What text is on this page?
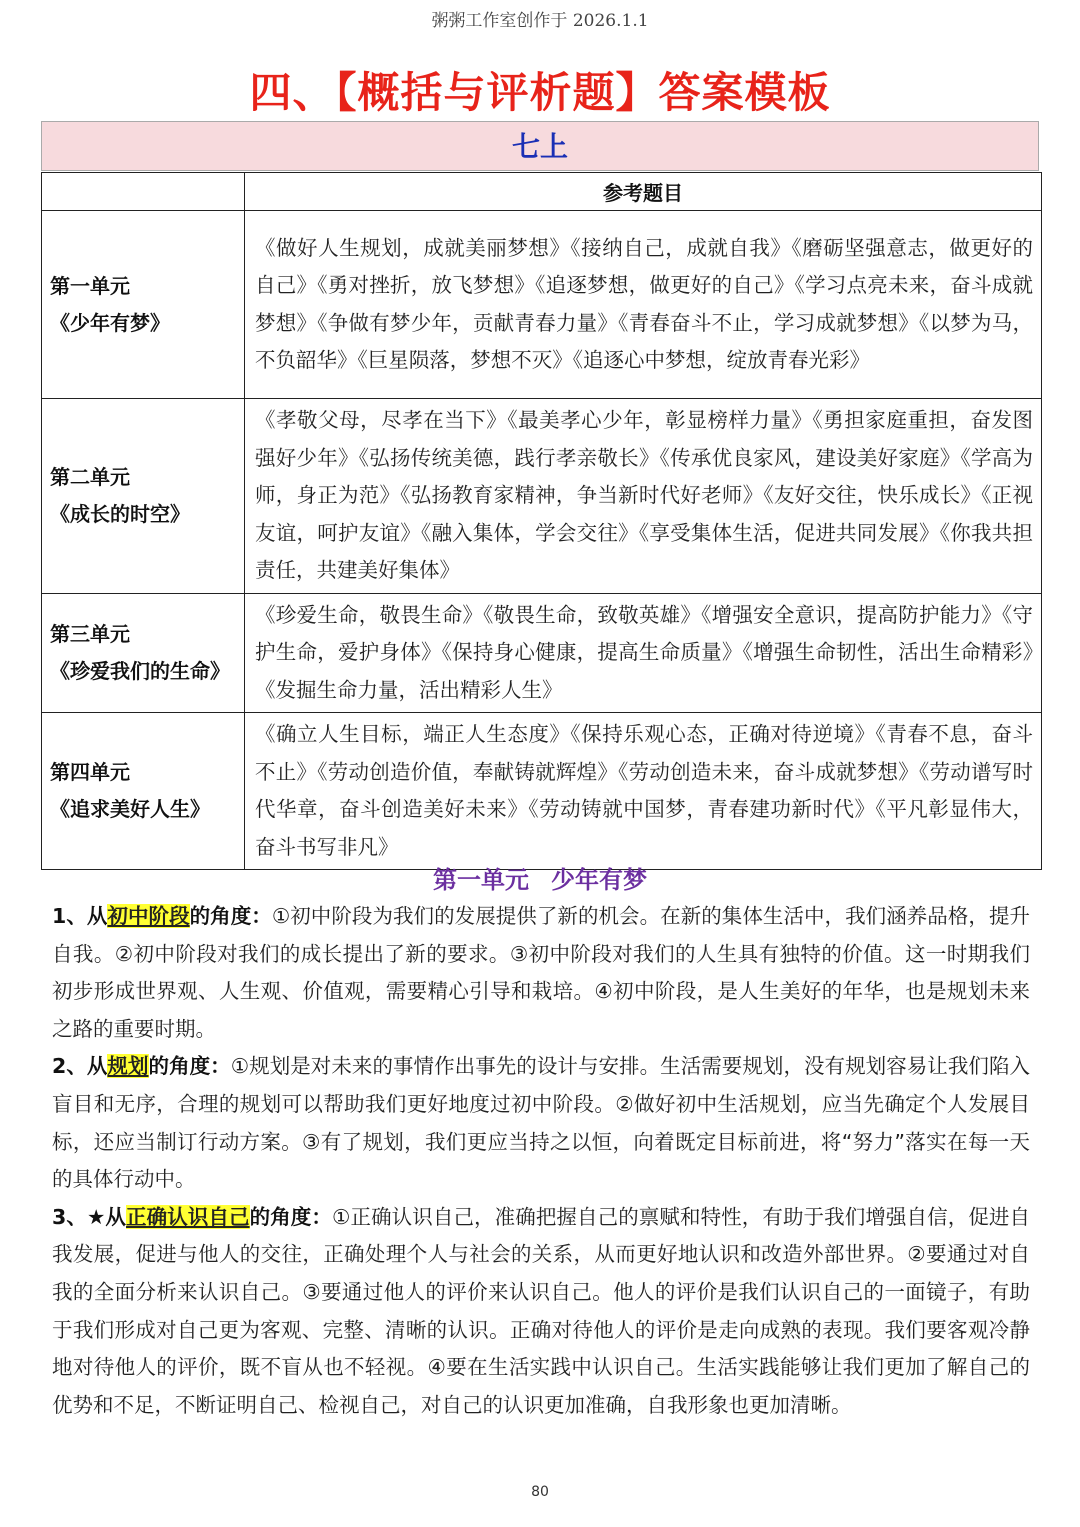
粥粥工作室创作于 2026.1.1
四、【概括与评析题】答案模板
七上
	参考题目

第一单元
《少年有梦》	《做好人生规划，成就美丽梦想》《接纳自己，成就自我》《磨砺坚强意志，做更好的自己》《勇对挫折，放飞梦想》《追逐梦想，做更好的自己》《学习点亮未来，奋斗成就梦想》《争做有梦少年，贡献青春力量》《青春奋斗不止，学习成就梦想》《以梦为马，不负韶华》《巨星陨落，梦想不灭》《追逐心中梦想，绽放青春光彩》

第二单元
《成长的时空》	《孝敬父母，尽孝在当下》《最美孝心少年，彰显榜样力量》《勇担家庭重担，奋发图强好少年》《弘扬传统美德，践行孝亲敬长》《传承优良家风，建设美好家庭》《学高为师，身正为范》《弘扬教育家精神，争当新时代好老师》《友好交往，快乐成长》《正视友谊，呵护友谊》《融入集体，学会交往》《享受集体生活，促进共同发展》《你我共担责任，共建美好集体》

第三单元
《珍爱我们的生命》	《珍爱生命，敬畏生命》《敬畏生命，致敬英雄》《增强安全意识，提高防护能力》《守护生命，爱护身体》《保持身心健康，提高生命质量》《增强生命韧性，活出生命精彩》《发掘生命力量，活出精彩人生》

第四单元
《追求美好人生》	《确立人生目标，端正人生态度》《保持乐观心态，正确对待逆境》《青春不息，奋斗不止》《劳动创造价值，奉献铸就辉煌》《劳动创造未来，奋斗成就梦想》《劳动谱写时代华章，奋斗创造美好未来》《劳动铸就中国梦，青春建功新时代》《平凡彰显伟大，奋斗书写非凡》
第一单元 少年有梦

1、从初中阶段的角度：①初中阶段为我们的发展提供了新的机会。在新的集体生活中，我们涵养品格，提升自我。②初中阶段对我们的成长提出了新的要求。③初中阶段对我们的人生具有独特的价值。这一时期我们初步形成世界观、人生观、价值观，需要精心引导和栽培。④初中阶段，是人生美好的年华，也是规划未来之路的重要时期。

2、从规划的角度：①规划是对未来的事情作出事先的设计与安排。生活需要规划，没有规划容易让我们陷入盲目和无序，合理的规划可以帮助我们更好地度过初中阶段。②做好初中生活规划，应当先确定个人发展目标，还应当制订行动方案。③有了规划，我们更应当持之以恒，向着既定目标前进，将“努力”落实在每一天的具体行动中。

3、★从正确认识自己的角度：①正确认识自己，准确把握自己的禀赋和特性，有助于我们增强自信，促进自我发展，促进与他人的交往，正确处理个人与社会的关系，从而更好地认识和改造外部世界。②要通过对自我的全面分析来认识自己。③要通过他人的评价来认识自己。他人的评价是我们认识自己的一面镜子，有助于我们形成对自己更为客观、完整、清晰的认识。正确对待他人的评价是走向成熟的表现。我们要客观冷静地对待他人的评价，既不盲从也不轻视。④要在生活实践中认识自己。生活实践能够让我们更加了解自己的优势和不足，不断证明自己、检视自己，对自己的认识更加准确，自我形象也更加清晰。

80
